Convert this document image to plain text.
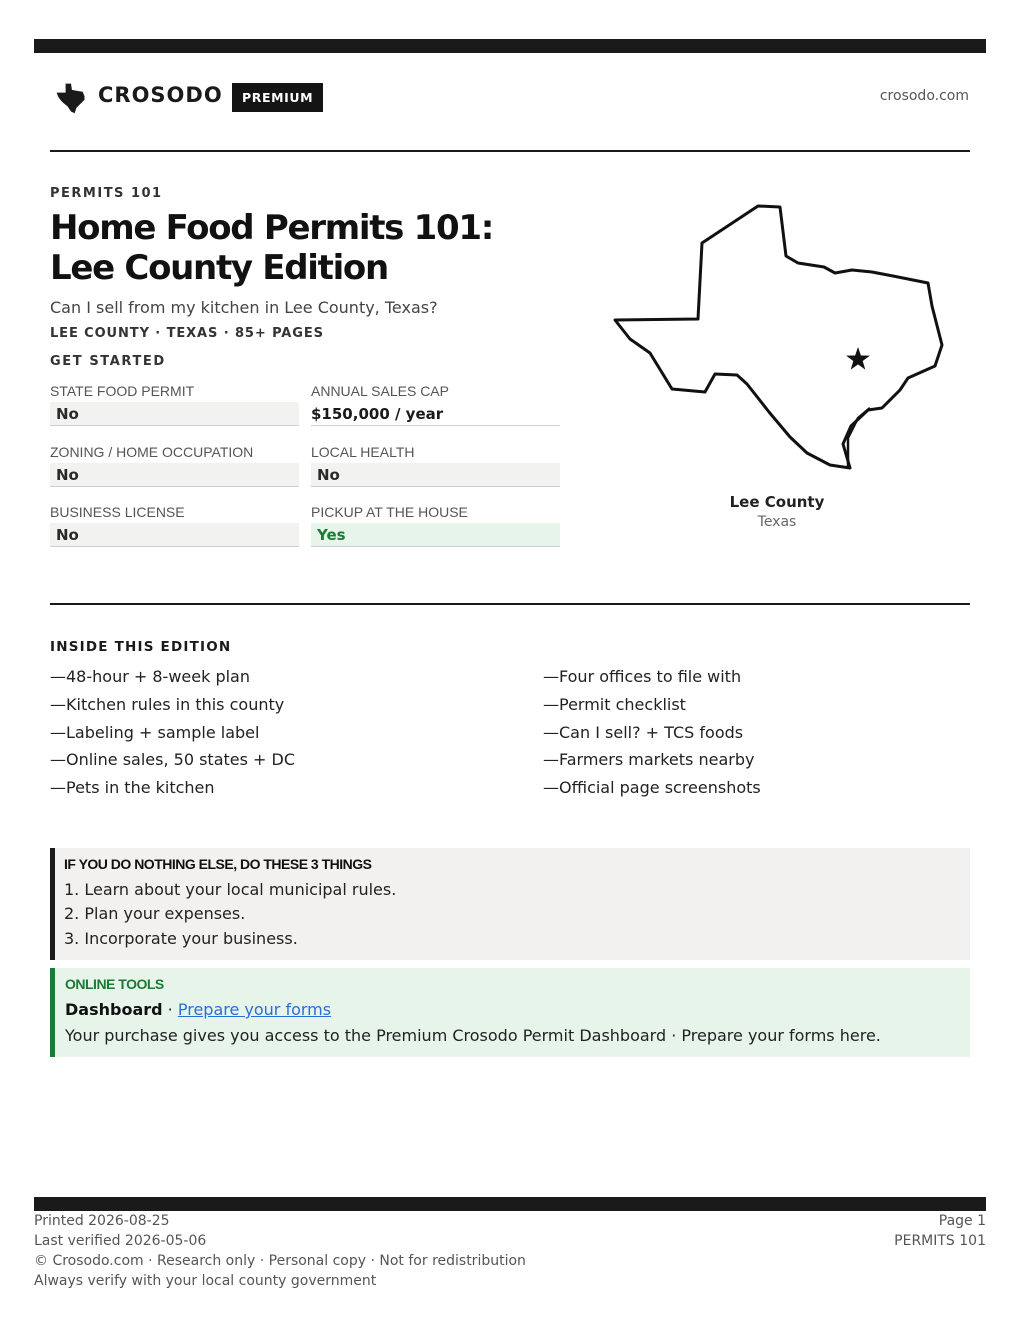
CROSODO	PREMIUM	crosodo.com
PERMITS 101
Home Food Permits 101: Lee County Edition
Can I sell from my kitchen in Lee County, Texas?
LEE COUNTY · TEXAS · 85+ PAGES
GET STARTED
STATE FOOD PERMIT
No
ANNUAL SALES CAP
$150,000 / year
ZONING / HOME OCCUPATION
No
LOCAL HEALTH
No
BUSINESS LICENSE
No
PICKUP AT THE HOUSE
Yes
Lee County
Texas
INSIDE THIS EDITION
—48-hour + 8-week plan
—Kitchen rules in this county
—Labeling + sample label
—Online sales, 50 states + DC
—Pets in the kitchen
—Four offices to file with
—Permit checklist
—Can I sell? + TCS foods
—Farmers markets nearby
—Official page screenshots
IF YOU DO NOTHING ELSE, DO THESE 3 THINGS
1. Learn about your local municipal rules.
2. Plan your expenses.
3. Incorporate your business.
ONLINE TOOLS
Dashboard · Prepare your forms
Your purchase gives you access to the Premium Crosodo Permit Dashboard · Prepare your forms here.
Printed 2026-08-25
Last verified 2026-05-06
© Crosodo.com · Research only · Personal copy · Not for redistribution
Always verify with your local county government
Page 1
PERMITS 101
